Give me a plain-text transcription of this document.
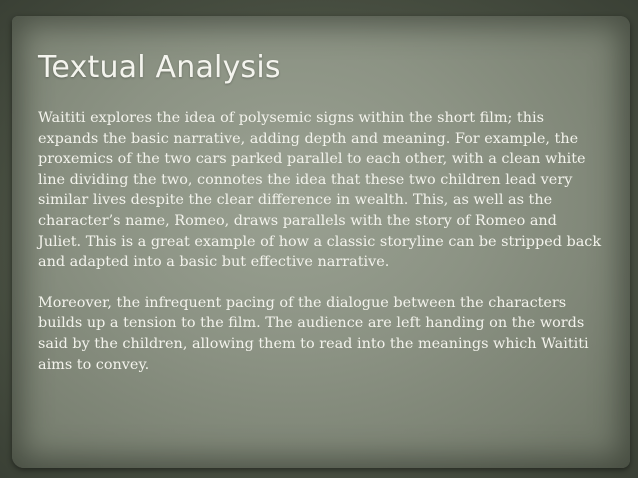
Textual Analysis

Waititi explores the idea of polysemic signs within the short film; this expands the basic narrative, adding depth and meaning. For example, the proxemics of the two cars parked parallel to each other, with a clean white line dividing the two, connotes the idea that these two children lead very similar lives despite the clear difference in wealth. This, as well as the character’s name, Romeo, draws parallels with the story of Romeo and Juliet. This is a great example of how a classic storyline can be stripped back and adapted into a basic but effective narrative.

Moreover, the infrequent pacing of the dialogue between the characters builds up a tension to the film. The audience are left handing on the words said by the children, allowing them to read into the meanings which Waititi aims to convey.
